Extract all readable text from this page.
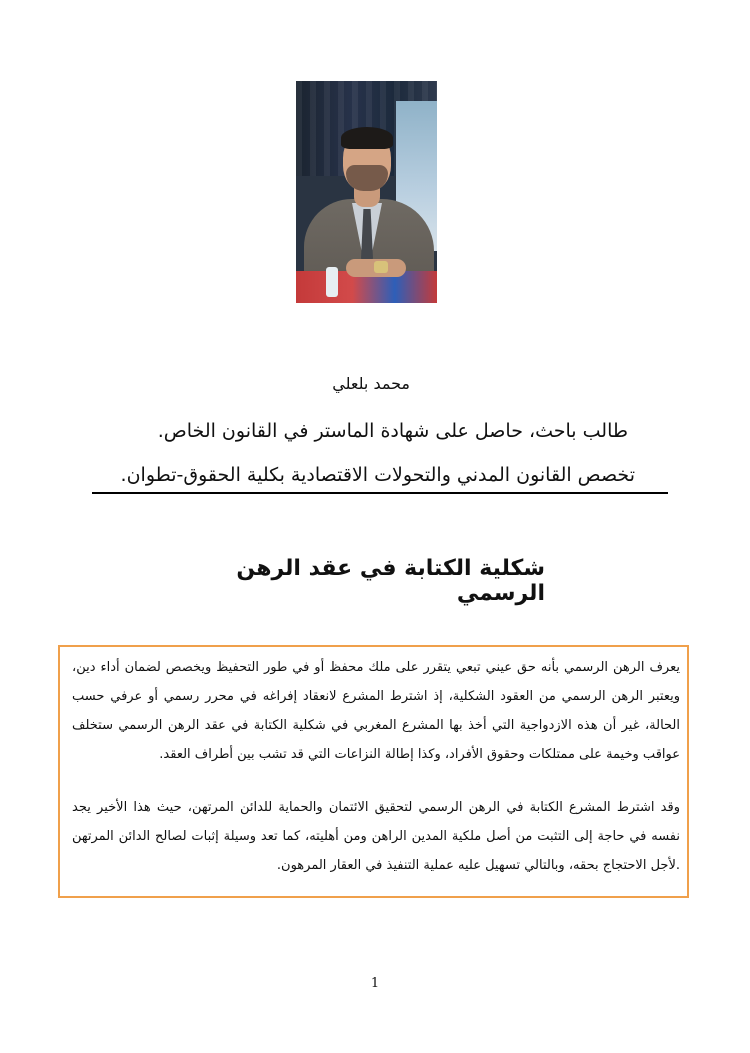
محمد بلعلي
طالب باحث، حاصل على شهادة الماستر في القانون الخاص.
تخصص القانون المدني والتحولات الاقتصادية بكلية الحقوق-تطوان.
شكلية الكتابة في عقد الرهن الرسمي
يعرف الرهن الرسمي بأنه حق عيني تبعي يتقرر على ملك محفظ أو في طور التحفيظ ويخصص لضمان أداء دين، ويعتبر الرهن الرسمي من العقود الشكلية، إذ اشترط المشرع لانعقاد إفراغه في محرر رسمي أو عرفي حسب الحالة، غير أن هذه الازدواجية التي أخذ بها المشرع المغربي في شكلية الكتابة في عقد الرهن الرسمي ستخلف عواقب وخيمة على ممتلكات وحقوق الأفراد، وكذا إطالة النزاعات التي قد تشب بين أطراف العقد.
وقد اشترط المشرع الكتابة في الرهن الرسمي لتحقيق الائتمان والحماية للدائن المرتهن، حيث هذا الأخير يجد نفسه في حاجة إلى التثبت من أصل ملكية المدين الراهن ومن أهليته، كما تعد وسيلة إثبات لصالح الدائن المرتهن .لأجل الاحتجاج بحقه، وبالتالي تسهيل عليه عملية التنفيذ في العقار المرهون.
1
